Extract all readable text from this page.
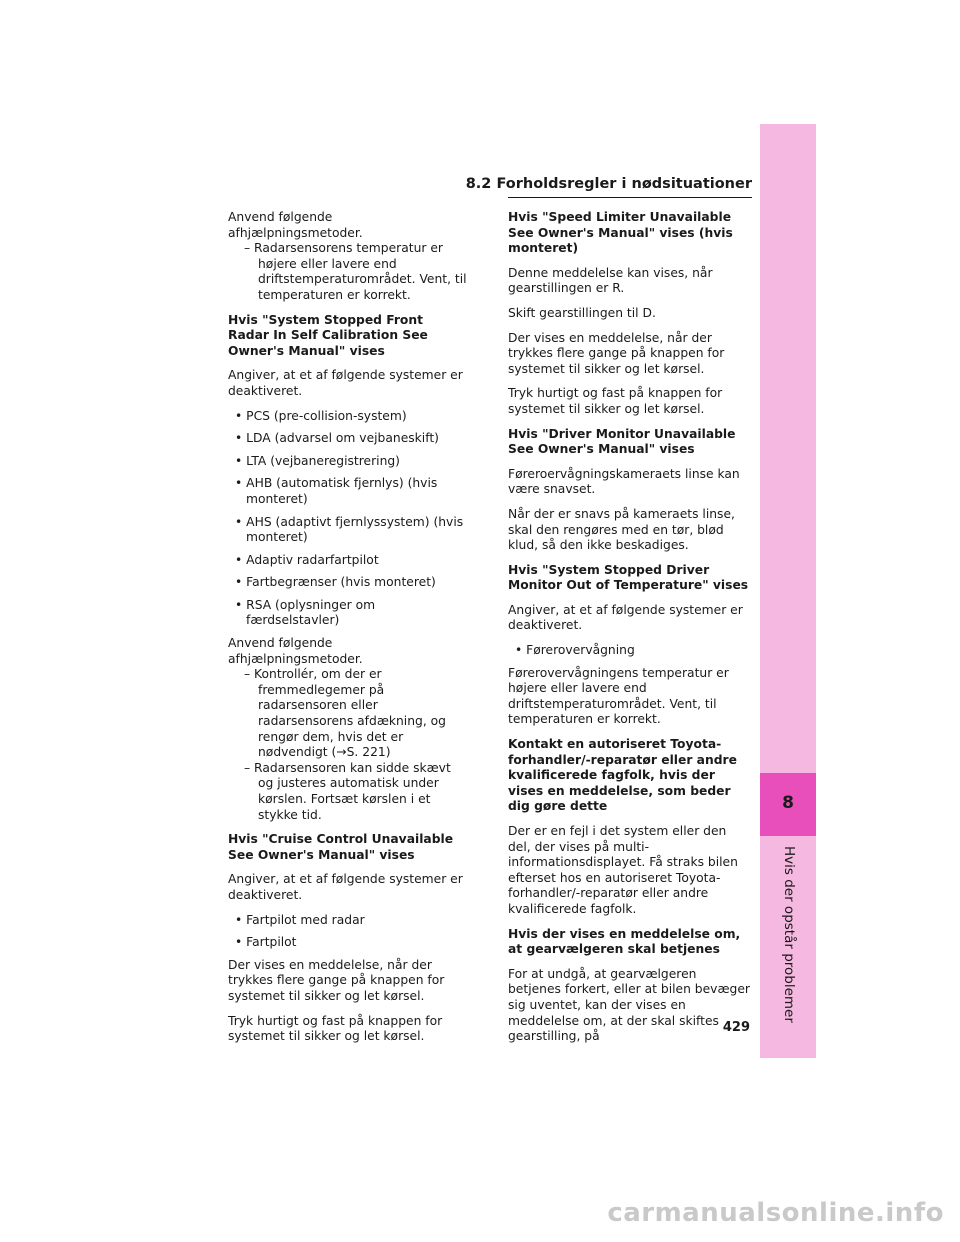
8.2 Forholdsregler i nødsituationer
8
Hvis der opstår problemer

Anvend følgende afhjælpningsmetoder.

– Radarsensorens temperatur er højere eller lavere end driftstemperaturområdet. Vent, til temperaturen er korrekt.

Hvis "System Stopped Front Radar In Self Calibration See Owner's Manual" vises

Angiver, at et af følgende systemer er deaktiveret.

• PCS (pre-collision-system)

• LDA (advarsel om vejbaneskift)

• LTA (vejbaneregistrering)

• AHB (automatisk fjernlys) (hvis monteret)

• AHS (adaptivt fjernlyssystem) (hvis monteret)

• Adaptiv radarfartpilot

• Fartbegrænser (hvis monteret)

• RSA (oplysninger om færdselstavler)

Anvend følgende afhjælpningsmetoder.

– Kontrollér, om der er fremmedlegemer på radarsensoren eller radarsensorens afdækning, og rengør dem, hvis det er nødvendigt (→S. 221)

– Radarsensoren kan sidde skævt og justeres automatisk under kørslen. Fortsæt kørslen i et stykke tid.

Hvis "Cruise Control Unavailable See Owner's Manual" vises

Angiver, at et af følgende systemer er deaktiveret.

• Fartpilot med radar

• Fartpilot

Der vises en meddelelse, når der trykkes flere gange på knappen for systemet til sikker og let kørsel.

Tryk hurtigt og fast på knappen for systemet til sikker og let kørsel.

Hvis "Speed Limiter Unavailable See Owner's Manual" vises (hvis monteret)

Denne meddelelse kan vises, når gearstillingen er R.

Skift gearstillingen til D.

Der vises en meddelelse, når der trykkes flere gange på knappen for systemet til sikker og let kørsel.

Tryk hurtigt og fast på knappen for systemet til sikker og let kørsel.

Hvis "Driver Monitor Unavailable See Owner's Manual" vises

Føreroervågningskameraets linse kan være snavset.

Når der er snavs på kameraets linse, skal den rengøres med en tør, blød klud, så den ikke beskadiges.

Hvis "System Stopped Driver Monitor Out of Temperature" vises

Angiver, at et af følgende systemer er deaktiveret.

• Førerovervågning

Førerovervågningens temperatur er højere eller lavere end driftstemperaturområdet. Vent, til temperaturen er korrekt.

Kontakt en autoriseret Toyota-forhandler/-reparatør eller andre kvalificerede fagfolk, hvis der vises en meddelelse, som beder dig gøre dette

Der er en fejl i det system eller den del, der vises på multi-informationsdisplayet. Få straks bilen efterset hos en autoriseret Toyota-forhandler/-reparatør eller andre kvalificerede fagfolk.

Hvis der vises en meddelelse om, at gearvælgeren skal betjenes

For at undgå, at gearvælgeren betjenes forkert, eller at bilen bevæger sig uventet, kan der vises en meddelelse om, at der skal skiftes gearstilling, på

429
carmanualsonline.info
